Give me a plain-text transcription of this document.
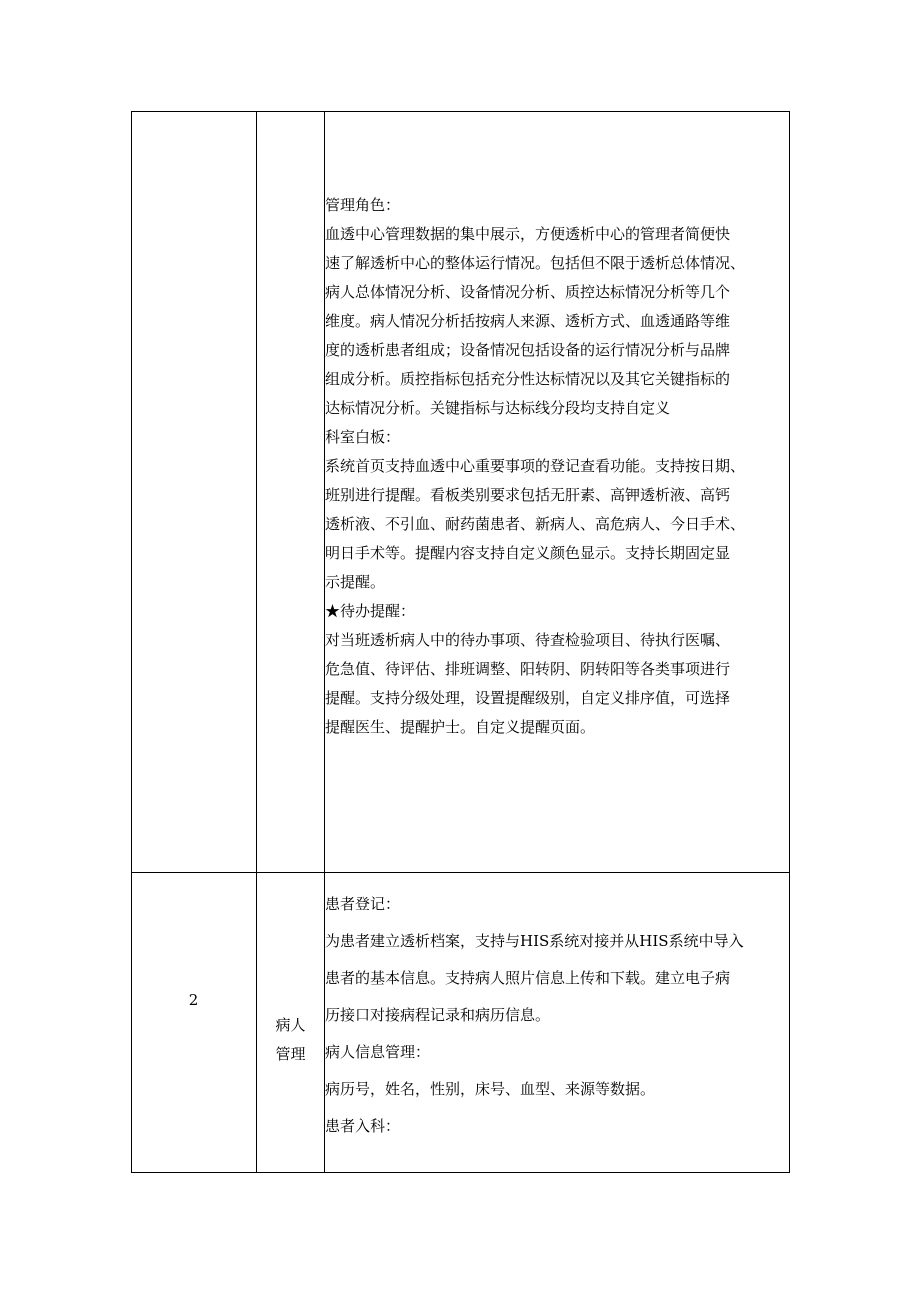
管理角色：
血透中心管理数据的集中展示，方便透析中心的管理者简便快
速了解透析中心的整体运行情况。包括但不限于透析总体情况、
病人总体情况分析、设备情况分析、质控达标情况分析等几个
维度。病人情况分析括按病人来源、透析方式、血透通路等维
度的透析患者组成；设备情况包括设备的运行情况分析与品牌
组成分析。质控指标包括充分性达标情况以及其它关键指标的
达标情况分析。关键指标与达标线分段均支持自定义
科室白板：
系统首页支持血透中心重要事项的登记查看功能。支持按日期、
班别进行提醒。看板类别要求包括无肝素、高钾透析液、高钙
透析液、不引血、耐药菌患者、新病人、高危病人、今日手术、
明日手术等。提醒内容支持自定义颜色显示。支持长期固定显
示提醒。
★待办提醒：
对当班透析病人中的待办事项、待查检验项目、待执行医嘱、
危急值、待评估、排班调整、阳转阴、阴转阳等各类事项进行
提醒。支持分级处理，设置提醒级别，自定义排序值，可选择
提醒医生、提醒护士。自定义提醒页面。
2
病人
管理

患者登记：

为患者建立透析档案，支持与HIS系统对接并从HIS系统中导入

患者的基本信息。支持病人照片信息上传和下载。建立电子病

历接口对接病程记录和病历信息。

病人信息管理：

病历号，姓名，性别，床号、血型、来源等数据。

患者入科：
